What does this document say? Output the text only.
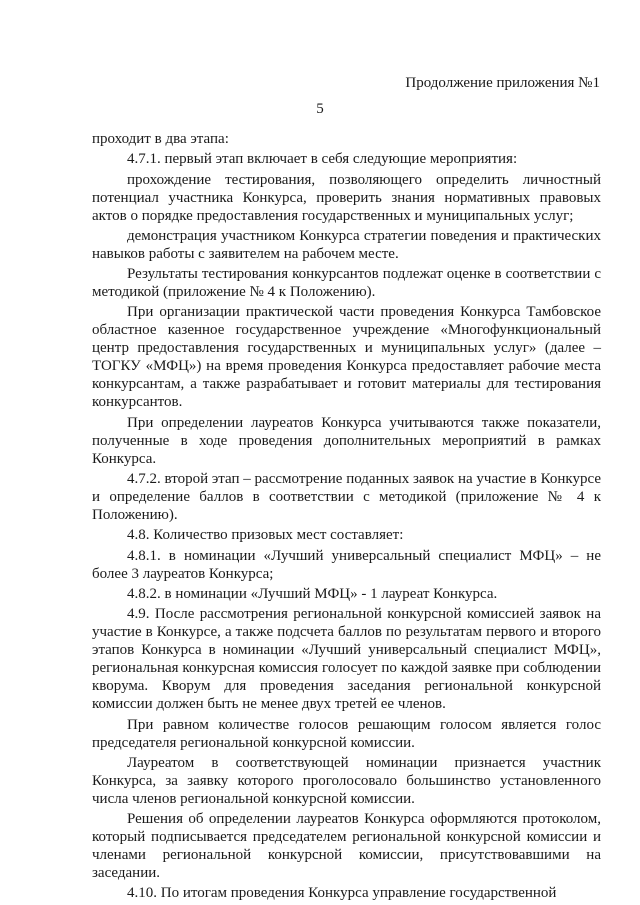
Продолжение приложения №1
5

проходит в два этапа:

4.7.1. первый этап включает в себя следующие мероприятия:

прохождение тестирования, позволяющего определить личностный потенциал участника Конкурса, проверить знания нормативных правовых актов о порядке предоставления государственных и муниципальных услуг;

демонстрация участником Конкурса стратегии поведения и практических навыков работы с заявителем на рабочем месте.

Результаты тестирования конкурсантов подлежат оценке в соответствии с методикой (приложение № 4 к Положению).

При организации практической части проведения Конкурса Тамбовское областное казенное государственное учреждение «Многофункциональный центр предоставления государственных и муниципальных услуг» (далее – ТОГКУ «МФЦ») на время проведения Конкурса предоставляет рабочие места конкурсантам, а также разрабатывает и готовит материалы для тестирования конкурсантов.

При определении лауреатов Конкурса учитываются также показатели, полученные в ходе проведения дополнительных мероприятий в рамках Конкурса.

4.7.2. второй этап – рассмотрение поданных заявок на участие в Конкурсе и определение баллов в соответствии с методикой (приложение № 4 к Положению).

4.8. Количество призовых мест составляет:

4.8.1. в номинации «Лучший универсальный специалист МФЦ» – не более 3 лауреатов Конкурса;

4.8.2. в номинации «Лучший МФЦ» - 1 лауреат Конкурса.

4.9. После рассмотрения региональной конкурсной комиссией заявок на участие в Конкурсе, а также подсчета баллов по результатам первого и второго этапов Конкурса в номинации «Лучший универсальный специалист МФЦ», региональная конкурсная комиссия голосует по каждой заявке при соблюдении кворума. Кворум для проведения заседания региональной конкурсной комиссии должен быть не менее двух третей ее членов.

При равном количестве голосов решающим голосом является голос председателя региональной конкурсной комиссии.

Лауреатом в соответствующей номинации признается участник Конкурса, за заявку которого проголосовало большинство установленного числа членов региональной конкурсной комиссии.

Решения об определении лауреатов Конкурса оформляются протоколом, который подписывается председателем региональной конкурсной комиссии и членами региональной конкурсной комиссии, присутствовавшими на заседании.

4.10. По итогам проведения Конкурса управление государственной
